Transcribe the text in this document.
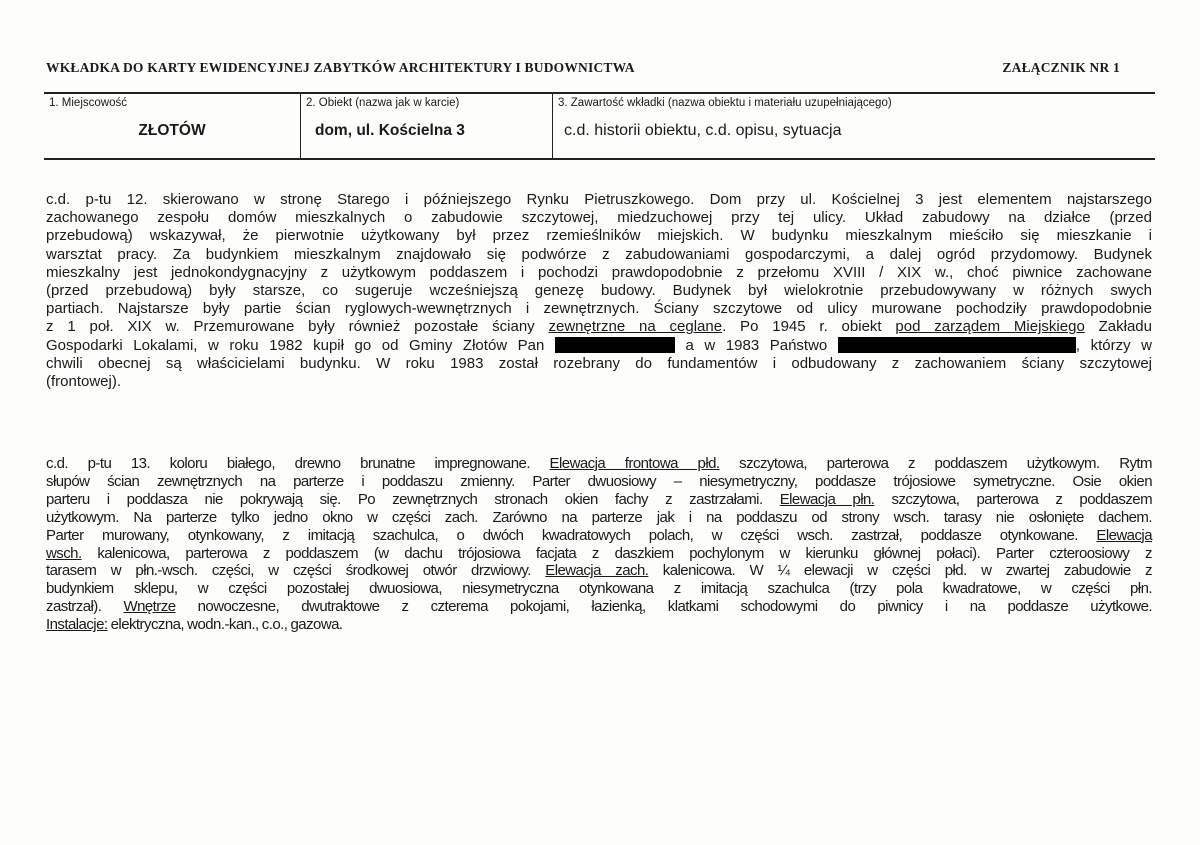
WKŁADKA DO KARTY EWIDENCYJNEJ ZABYTKÓW ARCHITEKTURY I BUDOWNICTWA	ZAŁĄCZNIK NR 1
1. Miejscowość
ZŁOTÓW
2. Obiekt (nazwa jak w karcie)
dom, ul. Kościelna 3
3. Zawartość wkładki (nazwa obiektu i materiału uzupełniającego)
c.d. historii obiektu, c.d. opisu, sytuacja
c.d. p-tu 12. skierowano w stronę Starego i późniejszego Rynku Pietruszkowego. Dom przy ul. Kościelnej 3 jest elementem najstarszego
zachowanego zespołu domów mieszkalnych o zabudowie szczytowej, miedzuchowej przy tej ulicy. Układ zabudowy na działce (przed
przebudową) wskazywał, że pierwotnie użytkowany był przez rzemieślników miejskich. W budynku mieszkalnym mieściło się mieszkanie i
warsztat pracy. Za budynkiem mieszkalnym znajdowało się podwórze z zabudowaniami gospodarczymi, a dalej ogród przydomowy. Budynek
mieszkalny jest jednokondygnacyjny z użytkowym poddaszem i pochodzi prawdopodobnie z przełomu XVIII / XIX w., choć piwnice zachowane
(przed przebudową) były starsze, co sugeruje wcześniejszą genezę budowy. Budynek był wielokrotnie przebudowywany w różnych swych
partiach. Najstarsze były partie ścian ryglowych-wewnętrznych i zewnętrznych. Ściany szczytowe od ulicy murowane pochodziły prawdopodobnie
z 1 poł. XIX w. Przemurowane były również pozostałe ściany zewnętrzne na ceglane. Po 1945 r. obiekt pod zarządem Miejskiego Zakładu
Gospodarki Lokalami, w roku 1982 kupił go od Gminy Złotów Pan	a w 1983 Państwo	, którzy w
chwili obecnej są właścicielami budynku. W roku 1983 został rozebrany do fundamentów i odbudowany z zachowaniem ściany szczytowej
(frontowej).
c.d. p-tu 13. koloru białego, drewno brunatne impregnowane. Elewacja frontowa płd. szczytowa, parterowa z poddaszem użytkowym. Rytm
słupów ścian zewnętrznych na parterze i poddaszu zmienny. Parter dwuosiowy – niesymetryczny, poddasze trójosiowe symetryczne. Osie okien
parteru i poddasza nie pokrywają się. Po zewnętrznych stronach okien fachy z zastrzałami. Elewacja płn. szczytowa, parterowa z poddaszem
użytkowym. Na parterze tylko jedno okno w części zach. Zarówno na parterze jak i na poddaszu od strony wsch. tarasy nie osłonięte dachem.
Parter murowany, otynkowany, z imitacją szachulca, o dwóch kwadratowych polach, w części wsch. zastrzał, poddasze otynkowane. Elewacja
wsch. kalenicowa, parterowa z poddaszem (w dachu trójosiowa facjata z daszkiem pochylonym w kierunku głównej połaci). Parter czteroosiowy z
tarasem w płn.-wsch. części, w części środkowej otwór drzwiowy. Elewacja zach. kalenicowa. W ¼ elewacji w części płd. w zwartej zabudowie z
budynkiem sklepu, w części pozostałej dwuosiowa, niesymetryczna otynkowana z imitacją szachulca (trzy pola kwadratowe, w części płn.
zastrzał). Wnętrze nowoczesne, dwutraktowe z czterema pokojami, łazienką, klatkami schodowymi do piwnicy i na poddasze użytkowe.
Instalacje: elektryczna, wodn.-kan., c.o., gazowa.
